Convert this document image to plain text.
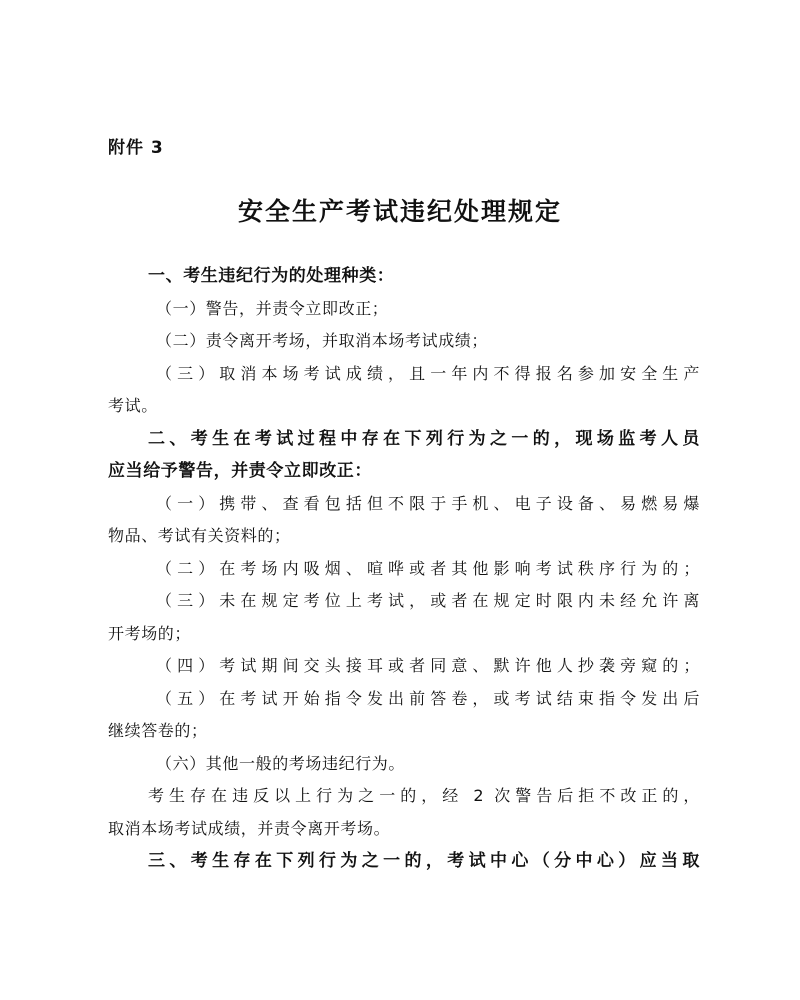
附件 3
安全生产考试违纪处理规定
一、考生违纪行为的处理种类：
（一）警告，并责令立即改正；
（二）责令离开考场，并取消本场考试成绩；
（三）取消本场考试成绩，且一年内不得报名参加安全生产
考试。
二、考生在考试过程中存在下列行为之一的，现场监考人员
应当给予警告，并责令立即改正：
（一）携带、查看包括但不限于手机、电子设备、易燃易爆
物品、考试有关资料的；
（二）在考场内吸烟、喧哗或者其他影响考试秩序行为的；
（三）未在规定考位上考试，或者在规定时限内未经允许离
开考场的；
（四）考试期间交头接耳或者同意、默许他人抄袭旁窥的；
（五）在考试开始指令发出前答卷，或考试结束指令发出后
继续答卷的；
（六）其他一般的考场违纪行为。
考生存在违反以上行为之一的，经 2 次警告后拒不改正的，
取消本场考试成绩，并责令离开考场。
三、考生存在下列行为之一的，考试中心（分中心）应当取
